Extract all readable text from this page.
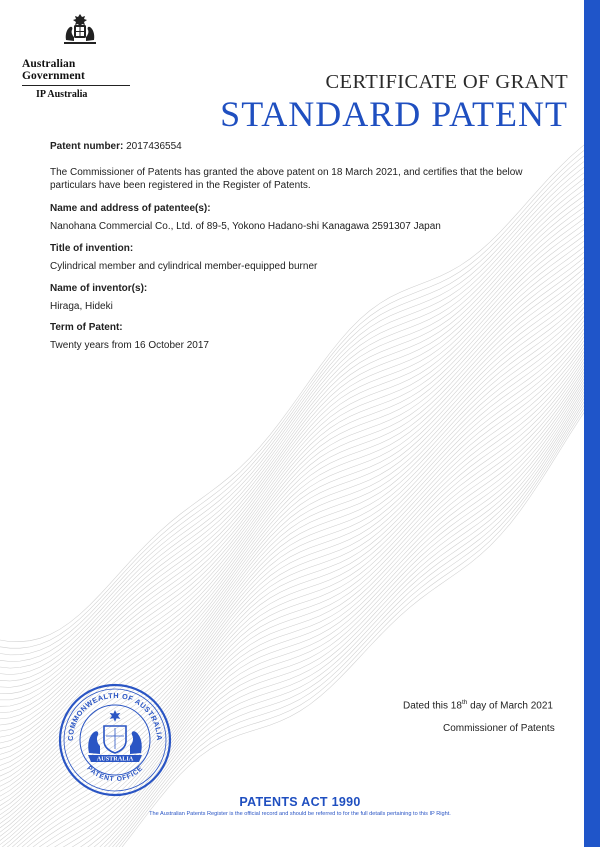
Australian Government
IP Australia
CERTIFICATE OF GRANT
STANDARD PATENT
Patent number: 2017436554
The Commissioner of Patents has granted the above patent on 18 March 2021, and certifies that the below particulars have been registered in the Register of Patents.
Name and address of patentee(s):
Nanohana Commercial Co., Ltd. of 89-5, Yokono Hadano-shi Kanagawa 2591307 Japan
Title of invention:
Cylindrical member and cylindrical member-equipped burner
Name of inventor(s):
Hiraga, Hideki
Term of Patent:
Twenty years from 16 October 2017
Dated this 18th day of March 2021
Commissioner of Patents
COMMONWEALTH OF AUSTRALIA
PATENT OFFICE
AUSTRALIA
PATENTS ACT 1990
The Australian Patents Register is the official record and should be referred to for the full details pertaining to this IP Right.
